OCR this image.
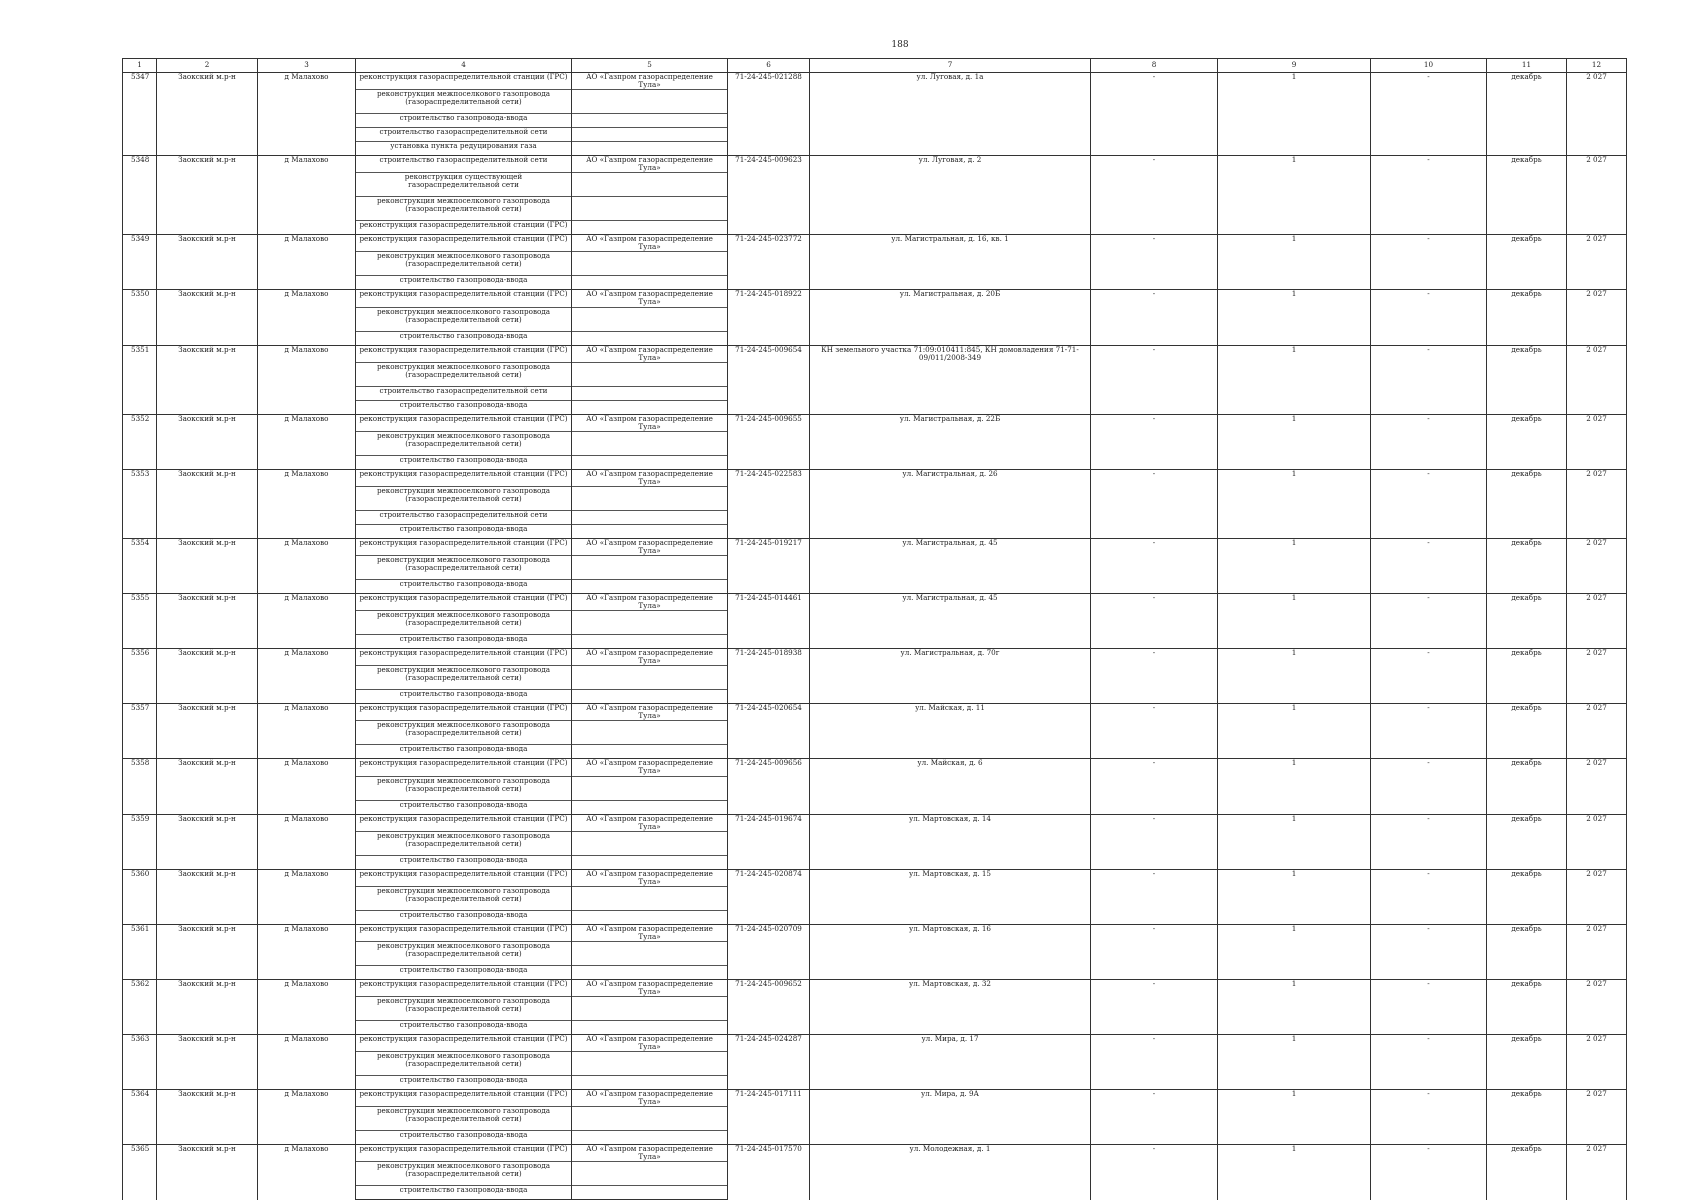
188
1	2	3	4	5	6	7	8	9	10	11	12
5347	Заокский м.р-н	д Малахово	реконструкция газораспределительной станции (ГРС)	АО «Газпром газораспределение Тула»	71-24-245-021288	ул. Луговая, д. 1а	-	1	-	декабрь	2 027
			реконструкция межпоселкового газопровода (газораспределительной сети)								
			строительство газопровода-ввода								
			строительство газораспределительной сети								
			установка пункта редуцирования газа								
5348	Заокский м.р-н	д Малахово	строительство газораспределительной сети	АО «Газпром газораспределение Тула»	71-24-245-009623	ул. Луговая, д. 2	-	1	-	декабрь	2 027
			реконструкция существующей газораспределительной сети								
			реконструкция межпоселкового газопровода (газораспределительной сети)								
			реконструкция газораспределительной станции (ГРС)								
5349	Заокский м.р-н	д Малахово	реконструкция газораспределительной станции (ГРС)	АО «Газпром газораспределение Тула»	71-24-245-023772	ул. Магистральная, д. 16, кв. 1	-	1	-	декабрь	2 027
			реконструкция межпоселкового газопровода (газораспределительной сети)								
			строительство газопровода-ввода								
5350	Заокский м.р-н	д Малахово	реконструкция газораспределительной станции (ГРС)	АО «Газпром газораспределение Тула»	71-24-245-018922	ул. Магистральная, д. 20Б	-	1	-	декабрь	2 027
			реконструкция межпоселкового газопровода (газораспределительной сети)								
			строительство газопровода-ввода								
5351	Заокский м.р-н	д Малахово	реконструкция газораспределительной станции (ГРС)	АО «Газпром газораспределение Тула»	71-24-245-009654	КН земельного участка 71:09:010411:845, КН домовладения 71-71-09/011/2008-349	-	1	-	декабрь	2 027
			реконструкция межпоселкового газопровода (газораспределительной сети)								
			строительство газораспределительной сети								
			строительство газопровода-ввода								
5352	Заокский м.р-н	д Малахово	реконструкция газораспределительной станции (ГРС)	АО «Газпром газораспределение Тула»	71-24-245-009655	ул. Магистральная, д. 22Б	-	1	-	декабрь	2 027
			реконструкция межпоселкового газопровода (газораспределительной сети)								
			строительство газопровода-ввода								
5353	Заокский м.р-н	д Малахово	реконструкция газораспределительной станции (ГРС)	АО «Газпром газораспределение Тула»	71-24-245-022583	ул. Магистральная, д. 26	-	1	-	декабрь	2 027
			реконструкция межпоселкового газопровода (газораспределительной сети)								
			строительство газораспределительной сети								
			строительство газопровода-ввода								
5354	Заокский м.р-н	д Малахово	реконструкция газораспределительной станции (ГРС)	АО «Газпром газораспределение Тула»	71-24-245-019217	ул. Магистральная, д. 45	-	1	-	декабрь	2 027
			реконструкция межпоселкового газопровода (газораспределительной сети)								
			строительство газопровода-ввода								
5355	Заокский м.р-н	д Малахово	реконструкция газораспределительной станции (ГРС)	АО «Газпром газораспределение Тула»	71-24-245-014461	ул. Магистральная, д. 45	-	1	-	декабрь	2 027
			реконструкция межпоселкового газопровода (газораспределительной сети)								
			строительство газопровода-ввода								
5356	Заокский м.р-н	д Малахово	реконструкция газораспределительной станции (ГРС)	АО «Газпром газораспределение Тула»	71-24-245-018938	ул. Магистральная, д. 70г	-	1	-	декабрь	2 027
			реконструкция межпоселкового газопровода (газораспределительной сети)								
			строительство газопровода-ввода								
5357	Заокский м.р-н	д Малахово	реконструкция газораспределительной станции (ГРС)	АО «Газпром газораспределение Тула»	71-24-245-020654	ул. Майская, д. 11	-	1	-	декабрь	2 027
			реконструкция межпоселкового газопровода (газораспределительной сети)								
			строительство газопровода-ввода								
5358	Заокский м.р-н	д Малахово	реконструкция газораспределительной станции (ГРС)	АО «Газпром газораспределение Тула»	71-24-245-009656	ул. Майская, д. 6	-	1	-	декабрь	2 027
			реконструкция межпоселкового газопровода (газораспределительной сети)								
			строительство газопровода-ввода								
5359	Заокский м.р-н	д Малахово	реконструкция газораспределительной станции (ГРС)	АО «Газпром газораспределение Тула»	71-24-245-019674	ул. Мартовская, д. 14	-	1	-	декабрь	2 027
			реконструкция межпоселкового газопровода (газораспределительной сети)								
			строительство газопровода-ввода								
5360	Заокский м.р-н	д Малахово	реконструкция газораспределительной станции (ГРС)	АО «Газпром газораспределение Тула»	71-24-245-020874	ул. Мартовская, д. 15	-	1	-	декабрь	2 027
			реконструкция межпоселкового газопровода (газораспределительной сети)								
			строительство газопровода-ввода								
5361	Заокский м.р-н	д Малахово	реконструкция газораспределительной станции (ГРС)	АО «Газпром газораспределение Тула»	71-24-245-020709	ул. Мартовская, д. 16	-	1	-	декабрь	2 027
			реконструкция межпоселкового газопровода (газораспределительной сети)								
			строительство газопровода-ввода								
5362	Заокский м.р-н	д Малахово	реконструкция газораспределительной станции (ГРС)	АО «Газпром газораспределение Тула»	71-24-245-009652	ул. Мартовская, д. 32	-	1	-	декабрь	2 027
			реконструкция межпоселкового газопровода (газораспределительной сети)								
			строительство газопровода-ввода								
5363	Заокский м.р-н	д Малахово	реконструкция газораспределительной станции (ГРС)	АО «Газпром газораспределение Тула»	71-24-245-024287	ул. Мира, д. 17	-	1	-	декабрь	2 027
			реконструкция межпоселкового газопровода (газораспределительной сети)								
			строительство газопровода-ввода								
5364	Заокский м.р-н	д Малахово	реконструкция газораспределительной станции (ГРС)	АО «Газпром газораспределение Тула»	71-24-245-017111	ул. Мира, д. 9А	-	1	-	декабрь	2 027
			реконструкция межпоселкового газопровода (газораспределительной сети)								
			строительство газопровода-ввода								
5365	Заокский м.р-н	д Малахово	реконструкция газораспределительной станции (ГРС)	АО «Газпром газораспределение Тула»	71-24-245-017570	ул. Молодежная, д. 1	-	1	-	декабрь	2 027
			реконструкция межпоселкового газопровода (газораспределительной сети)								
			строительство газопровода-ввода								
